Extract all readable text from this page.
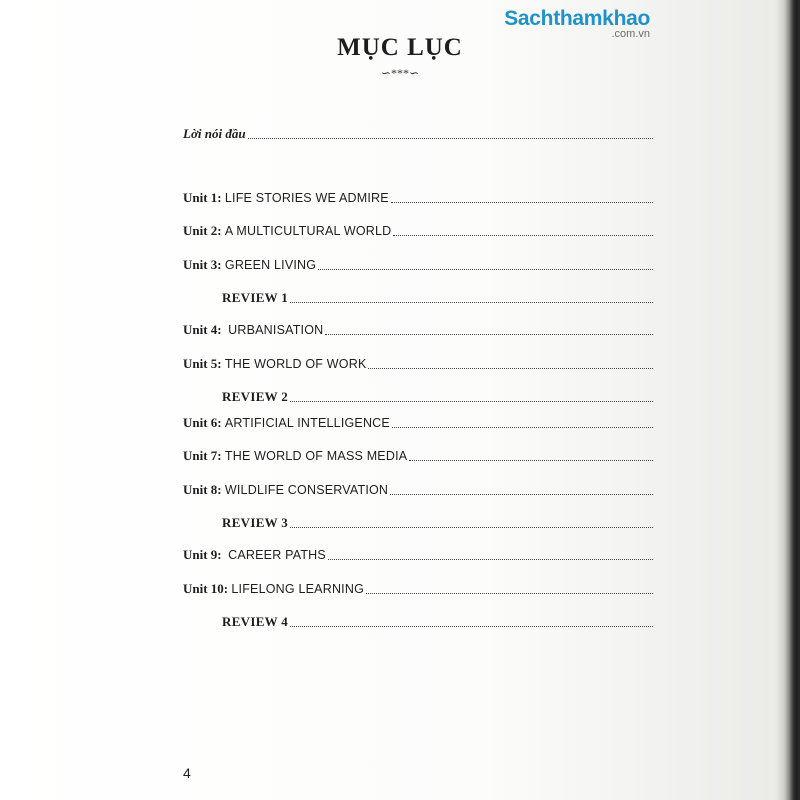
Sachthamkhao
.com.vn
MỤC LỤC
∽***∽
Lời nói đầu
Unit 1:
LIFE STORIES WE ADMIRE
Unit 2:
A MULTICULTURAL WORLD
Unit 3:
GREEN LIVING
REVIEW 1
Unit 4:
URBANISATION
Unit 5:
THE WORLD OF WORK
REVIEW 2
Unit 6:
ARTIFICIAL INTELLIGENCE
Unit 7:
THE WORLD OF MASS MEDIA
Unit 8:
WILDLIFE CONSERVATION
REVIEW 3
Unit 9:
CAREER PATHS
Unit 10:
LIFELONG LEARNING
REVIEW 4
4
